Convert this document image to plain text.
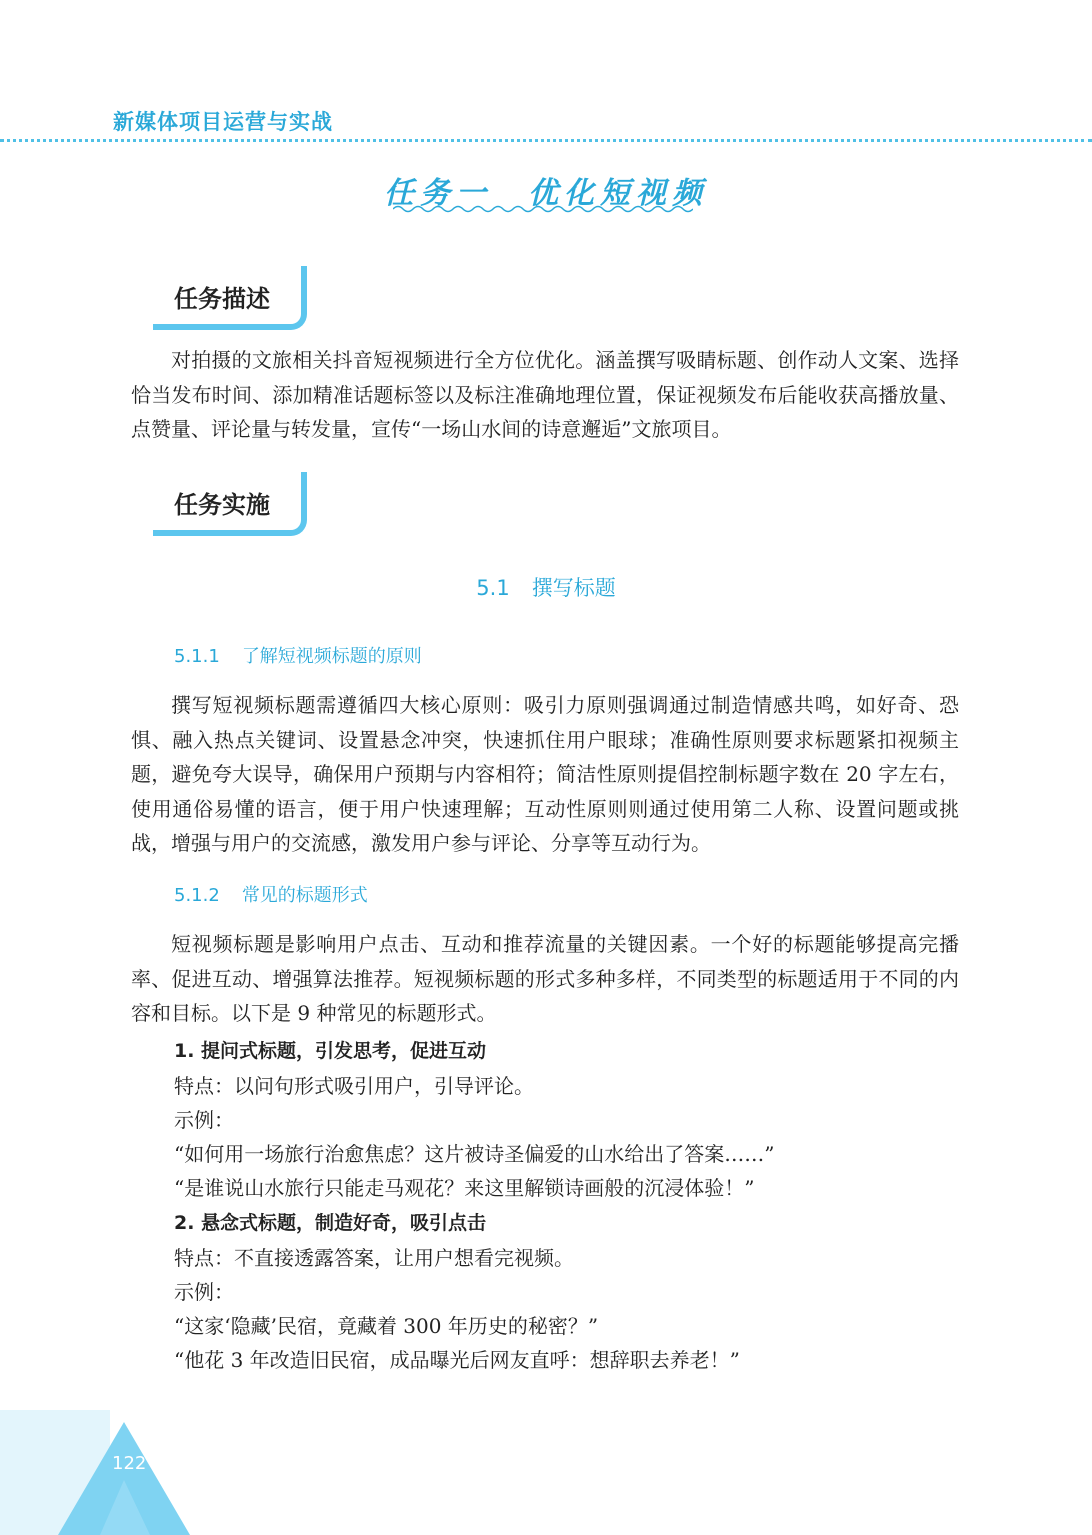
新媒体项目运营与实战
任务一　优化短视频
任务描述

对拍摄的文旅相关抖音短视频进行全方位优化。涵盖撰写吸睛标题、创作动人文案、选择恰当发布时间、添加精准话题标签以及标注准确地理位置，保证视频发布后能收获高播放量、点赞量、评论量与转发量，宣传“一场山水间的诗意邂逅”文旅项目。

任务实施
5.1 撰写标题
5.1.1 了解短视频标题的原则

撰写短视频标题需遵循四大核心原则：吸引力原则强调通过制造情感共鸣，如好奇、恐惧、融入热点关键词、设置悬念冲突，快速抓住用户眼球；准确性原则要求标题紧扣视频主题，避免夸大误导，确保用户预期与内容相符；简洁性原则提倡控制标题字数在 20 字左右，使用通俗易懂的语言，便于用户快速理解；互动性原则则通过使用第二人称、设置问题或挑战，增强与用户的交流感，激发用户参与评论、分享等互动行为。

5.1.2 常见的标题形式

短视频标题是影响用户点击、互动和推荐流量的关键因素。一个好的标题能够提高完播率、促进互动、增强算法推荐。短视频标题的形式多种多样，不同类型的标题适用于不同的内容和目标。以下是 9 种常见的标题形式。

1. 提问式标题，引发思考，促进互动
特点：以问句形式吸引用户，引导评论。
示例：
“如何用一场旅行治愈焦虑？这片被诗圣偏爱的山水给出了答案……”
“是谁说山水旅行只能走马观花？来这里解锁诗画般的沉浸体验！”
2. 悬念式标题，制造好奇，吸引点击
特点：不直接透露答案，让用户想看完视频。
示例：
“这家‘隐藏’民宿，竟藏着 300 年历史的秘密？”
“他花 3 年改造旧民宿，成品曝光后网友直呼：想辞职去养老！”
122
